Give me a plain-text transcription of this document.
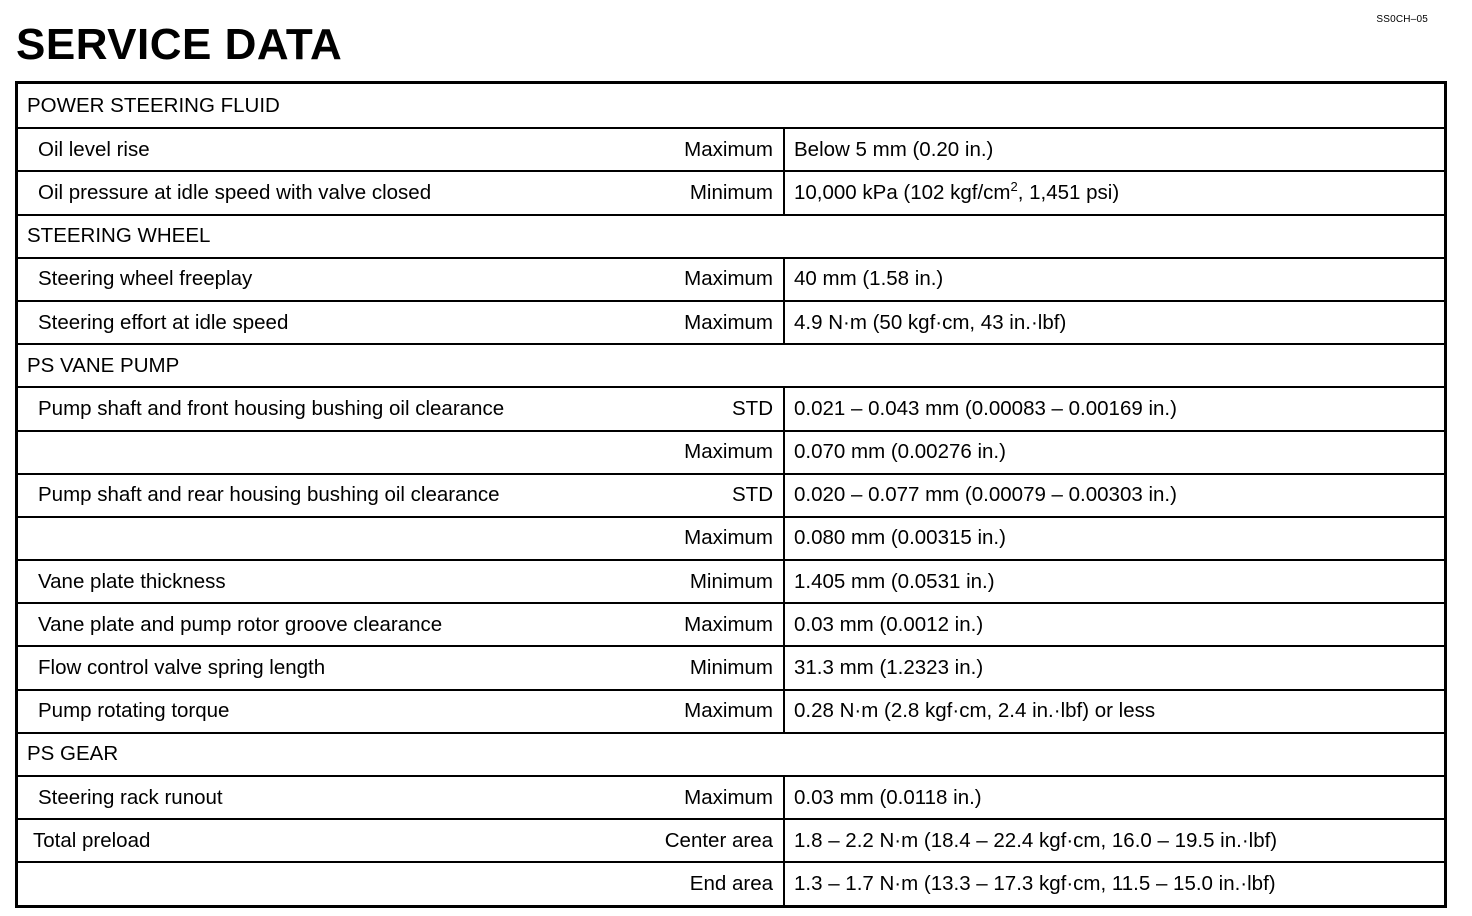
SS0CH–05
SERVICE DATA
POWER STEERING FLUID
Oil level rise	Maximum Below 5 mm (0.20 in.)
Oil pressure at idle speed with valve closed	Minimum 10,000 kPa (102 kgf/$cm^2$, 1,451 psi)
STEERING WHEEL
Steering wheel freeplay	Maximum 40 mm (1.58 in.)
Steering effort at idle speed	Maximum 4.9 N·m (50 kgf·cm, 43 in.·lbf)
PS VANE PUMP
Pump shaft and front housing bushing oil clearance	STD 0.021 – 0.043 mm (0.00083 – 0.00169 in.)
Maximum 0.070 mm (0.00276 in.)
Pump shaft and rear housing bushing oil clearance	STD 0.020 – 0.077 mm (0.00079 – 0.00303 in.)
Maximum 0.080 mm (0.00315 in.)
Vane plate thickness	Minimum 1.405 mm (0.0531 in.)
Vane plate and pump rotor groove clearance	Maximum 0.03 mm (0.0012 in.)
Flow control valve spring length	Minimum 31.3 mm (1.2323 in.)
Pump rotating torque	Maximum 0.28 N·m (2.8 kgf·cm, 2.4 in.·lbf) or less
PS GEAR
Steering rack runout	Maximum 0.03 mm (0.0118 in.)
Total preload	Center area 1.8 – 2.2 N·m (18.4 – 22.4 kgf·cm, 16.0 – 19.5 in.·lbf)
End area 1.3 – 1.7 N·m (13.3 – 17.3 kgf·cm, 11.5 – 15.0 in.·lbf)
